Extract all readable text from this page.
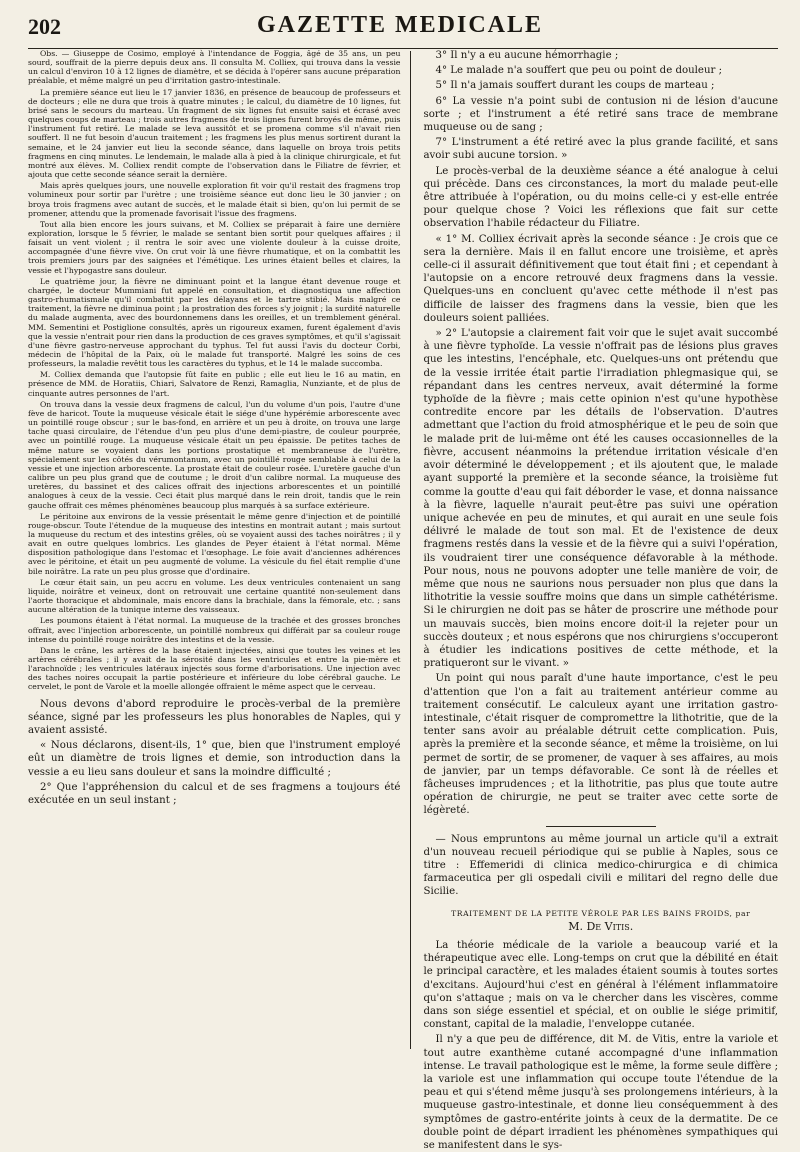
202	GAZETTE MEDICALE

Obs. — Giuseppe de Cosimo, employé à l'intendance de Foggia, âgé de 35 ans, un peu sourd, souffrait de la pierre depuis deux ans. Il consulta M. Colliex, qui trouva dans la vessie un calcul d'environ 10 à 12 lignes de diamètre, et se décida à l'opérer sans aucune préparation préalable, et même malgré un peu d'irritation gastro-intestinale.

La première séance eut lieu le 17 janvier 1836, en présence de beaucoup de professeurs et de docteurs ; elle ne dura que trois à quatre minutes ; le calcul, du diamètre de 10 lignes, fut brisé sans le secours du marteau. Un fragment de six lignes fut ensuite saisi et écrasé avec quelques coups de marteau ; trois autres fragmens de trois lignes furent broyés de même, puis l'instrument fut retiré. Le malade se leva aussitôt et se promena comme s'il n'avait rien souffert. Il ne fut besoin d'aucun traitement ; les fragmens les plus menus sortirent durant la semaine, et le 24 janvier eut lieu la seconde séance, dans laquelle on broya trois petits fragmens en cinq minutes. Le lendemain, le malade alla à pied à la clinique chirurgicale, et fut montré aux élèves. M. Colliex rendit compte de l'observation dans le Filiatre de février, et ajouta que cette seconde séance serait la dernière.

Mais après quelques jours, une nouvelle exploration fit voir qu'il restait des fragmens trop volumineux pour sortir par l'urètre ; une troisième séance eut donc lieu le 30 janvier ; on broya trois fragmens avec autant de succès, et le malade était si bien, qu'on lui permit de se promener, attendu que la promenade favorisait l'issue des fragmens.

Tout alla bien encore les jours suivans, et M. Colliex se préparait à faire une dernière exploration, lorsque le 5 février, le malade se sentant bien sortit pour quelques affaires ; il faisait un vent violent ; il rentra le soir avec une violente douleur à la cuisse droite, accompagnée d'une fièvre vive. On crut voir là une fièvre rhumatique, et on la combattit les trois premiers jours par des saignées et l'émétique. Les urines étaient belles et claires, la vessie et l'hypogastre sans douleur.

Le quatrième jour, la fièvre ne diminuant point et la langue étant devenue rouge et chargée, le docteur Mummiani fut appelé en consultation, et diagnostiqua une affection gastro-rhumatismale qu'il combattit par les délayans et le tartre stibié. Mais malgré ce traitement, la fièvre ne diminua point ; la prostration des forces s'y joignit ; la surdité naturelle du malade augmenta, avec des bourdonnemens dans les oreilles, et un tremblement général. MM. Sementini et Postiglione consultés, après un rigoureux examen, furent également d'avis que la vessie n'entrait pour rien dans la production de ces graves symptômes, et qu'il s'agissait d'une fièvre gastro-nerveuse approchant du typhus. Tel fut aussi l'avis du docteur Corbi, médecin de l'hôpital de la Paix, où le malade fut transporté. Malgré les soins de ces professeurs, la maladie revêtit tous les caractères du typhus, et le 14 le malade succomba.

M. Colliex demanda que l'autopsie fût faite en public ; elle eut lieu le 16 au matin, en présence de MM. de Horatiis, Chiari, Salvatore de Renzi, Ramaglia, Nunziante, et de plus de cinquante autres personnes de l'art.

On trouva dans la vessie deux fragmens de calcul, l'un du volume d'un pois, l'autre d'une fève de haricot. Toute la muqueuse vésicale était le siége d'une hypérémie arborescente avec un pointillé rouge obscur ; sur le bas-fond, en arrière et un peu à droite, on trouva une large tache quasi circulaire, de l'étendue d'un peu plus d'une demi-piastre, de couleur pourprée, avec un pointillé rouge. La muqueuse vésicale était un peu épaissie. De petites taches de même nature se voyaient dans les portions prostatique et membraneuse de l'urètre, spécialement sur les côtés du vérumontanum, avec un pointillé rouge semblable à celui de la vessie et une injection arborescente. La prostate était de couleur rosée. L'uretère gauche d'un calibre un peu plus grand que de coutume ; le droit d'un calibre normal. La muqueuse des uretères, du bassinet et des calices offrait des injections arborescentes et un pointillé analogues à ceux de la vessie. Ceci était plus marqué dans le rein droit, tandis que le rein gauche offrait ces mêmes phénomènes beaucoup plus marqués à sa surface extérieure.

Le péritoine aux environs de la vessie présentait le même genre d'injection et de pointillé rouge-obscur. Toute l'étendue de la muqueuse des intestins en montrait autant ; mais surtout la muqueuse du rectum et des intestins grêles, où se voyaient aussi des taches noirâtres ; il y avait en outre quelques lombrics. Les glandes de Peyer étaient à l'état normal. Même disposition pathologique dans l'estomac et l'œsophage. Le foie avait d'anciennes adhérences avec le péritoine, et était un peu augmenté de volume. La vésicule du fiel était remplie d'une bile noirâtre. La rate un peu plus grosse que d'ordinaire.

Le cœur était sain, un peu accru en volume. Les deux ventricules contenaient un sang liquide, noirâtre et veineux, dont on retrouvait une certaine quantité non-seulement dans l'aorte thoracique et abdominale, mais encore dans la brachiale, dans la fémorale, etc. ; sans aucune altération de la tunique interne des vaisseaux.

Les poumons étaient à l'état normal. La muqueuse de la trachée et des grosses bronches offrait, avec l'injection arborescente, un pointillé nombreux qui différait par sa couleur rouge intense du pointillé rouge noirâtre des intestins et de la vessie.

Dans le crâne, les artères de la base étaient injectées, ainsi que toutes les veines et les artères cérébrales ; il y avait de la sérosité dans les ventricules et entre la pie-mère et l'arachnoïde ; les ventricules latéraux injectés sous forme d'arborisations. Une injection avec des taches noires occupait la partie postérieure et inférieure du lobe cérébral gauche. Le cervelet, le pont de Varole et la moelle allongée offraient le même aspect que le cerveau.

Nous devons d'abord reproduire le procès-verbal de la première séance, signé par les professeurs les plus honorables de Naples, qui y avaient assisté.

« Nous déclarons, disent-ils, 1° que, bien que l'instrument employé eût un diamètre de trois lignes et demie, son introduction dans la vessie a eu lieu sans douleur et sans la moindre difficulté ;

2° Que l'appréhension du calcul et de ses fragmens a toujours été exécutée en un seul instant ;

3° Il n'y a eu aucune hémorrhagie ;

4° Le malade n'a souffert que peu ou point de douleur ;

5° Il n'a jamais souffert durant les coups de marteau ;

6° La vessie n'a point subi de contusion ni de lésion d'aucune sorte ; et l'instrument a été retiré sans trace de membrane muqueuse ou de sang ;

7° L'instrument a été retiré avec la plus grande facilité, et sans avoir subi aucune torsion. »

Le procès-verbal de la deuxième séance a été analogue à celui qui précède. Dans ces circonstances, la mort du malade peut-elle être attribuée à l'opération, ou du moins celle-ci y est-elle entrée pour quelque chose ? Voici les réflexions que fait sur cette observation l'habile rédacteur du Filiatre.

« 1° M. Colliex écrivait après la seconde séance : Je crois que ce sera la dernière. Mais il en fallut encore une troisième, et après celle-ci il assurait définitivement que tout était fini ; et cependant à l'autopsie on a encore retrouvé deux fragmens dans la vessie. Quelques-uns en concluent qu'avec cette méthode il n'est pas difficile de laisser des fragmens dans la vessie, bien que les douleurs soient palliées.

» 2° L'autopsie a clairement fait voir que le sujet avait succombé à une fièvre typhoïde. La vessie n'offrait pas de lésions plus graves que les intestins, l'encéphale, etc. Quelques-uns ont prétendu que de la vessie irritée était partie l'irradiation phlegmasique qui, se répandant dans les centres nerveux, avait déterminé la forme typhoïde de la fièvre ; mais cette opinion n'est qu'une hypothèse contredite encore par les détails de l'observation. D'autres admettant que l'action du froid atmosphérique et le peu de soin que le malade prit de lui-même ont été les causes occasionnelles de la fièvre, accusent néanmoins la prétendue irritation vésicale d'en avoir déterminé le développement ; et ils ajoutent que, le malade ayant supporté la première et la seconde séance, la troisième fut comme la goutte d'eau qui fait déborder le vase, et donna naissance à la fièvre, laquelle n'aurait peut-être pas suivi une opération unique achevée en peu de minutes, et qui aurait en une seule fois délivré le malade de tout son mal. Et de l'existence de deux fragmens restés dans la vessie et de la fièvre qui a suivi l'opération, ils voudraient tirer une conséquence défavorable à la méthode. Pour nous, nous ne pouvons adopter une telle manière de voir, de même que nous ne saurions nous persuader non plus que dans la lithotritie la vessie souffre moins que dans un simple cathétérisme. Si le chirurgien ne doit pas se hâter de proscrire une méthode pour un mauvais succès, bien moins encore doit-il la rejeter pour un succès douteux ; et nous espérons que nos chirurgiens s'occuperont à étudier les indications positives de cette méthode, et la pratiqueront sur le vivant. »

Un point qui nous paraît d'une haute importance, c'est le peu d'attention que l'on a fait au traitement antérieur comme au traitement consécutif. Le calculeux ayant une irritation gastro-intestinale, c'était risquer de compromettre la lithotritie, que de la tenter sans avoir au préalable détruit cette complication. Puis, après la première et la seconde séance, et même la troisième, on lui permet de sortir, de se promener, de vaquer à ses affaires, au mois de janvier, par un temps défavorable. Ce sont là de réelles et fâcheuses imprudences ; et la lithotritie, pas plus que toute autre opération de chirurgie, ne peut se traiter avec cette sorte de légèreté.

— Nous empruntons au même journal un article qu'il a extrait d'un nouveau recueil périodique qui se publie à Naples, sous ce titre : Effemeridi di clinica medico-chirurgica e di chimica farmaceutica per gli ospedali civili e militari del regno delle due Sicilie.

TRAITEMENT DE LA PETITE VÉROLE PAR LES BAINS FROIDS, par

M. De Vitis.

La théorie médicale de la variole a beaucoup varié et la thérapeutique avec elle. Long-temps on crut que la débilité en était le principal caractère, et les malades étaient soumis à toutes sortes d'excitans. Aujourd'hui c'est en général à l'élément inflammatoire qu'on s'attaque ; mais on va le chercher dans les viscères, comme dans son siége essentiel et spécial, et on oublie le siége primitif, constant, capital de la maladie, l'enveloppe cutanée.

Il n'y a que peu de différence, dit M. de Vitis, entre la variole et tout autre exanthème cutané accompagné d'une inflammation intense. Le travail pathologique est le même, la forme seule diffère ; la variole est une inflammation qui occupe toute l'étendue de la peau et qui s'étend même jusqu'à ses prolongemens intérieurs, à la muqueuse gastro-intestinale, et donne lieu conséquemment à des symptômes de gastro-entérite joints à ceux de la dermatite. De ce double point de départ irradient les phénomènes sympathiques qui se manifestent dans le sys-
